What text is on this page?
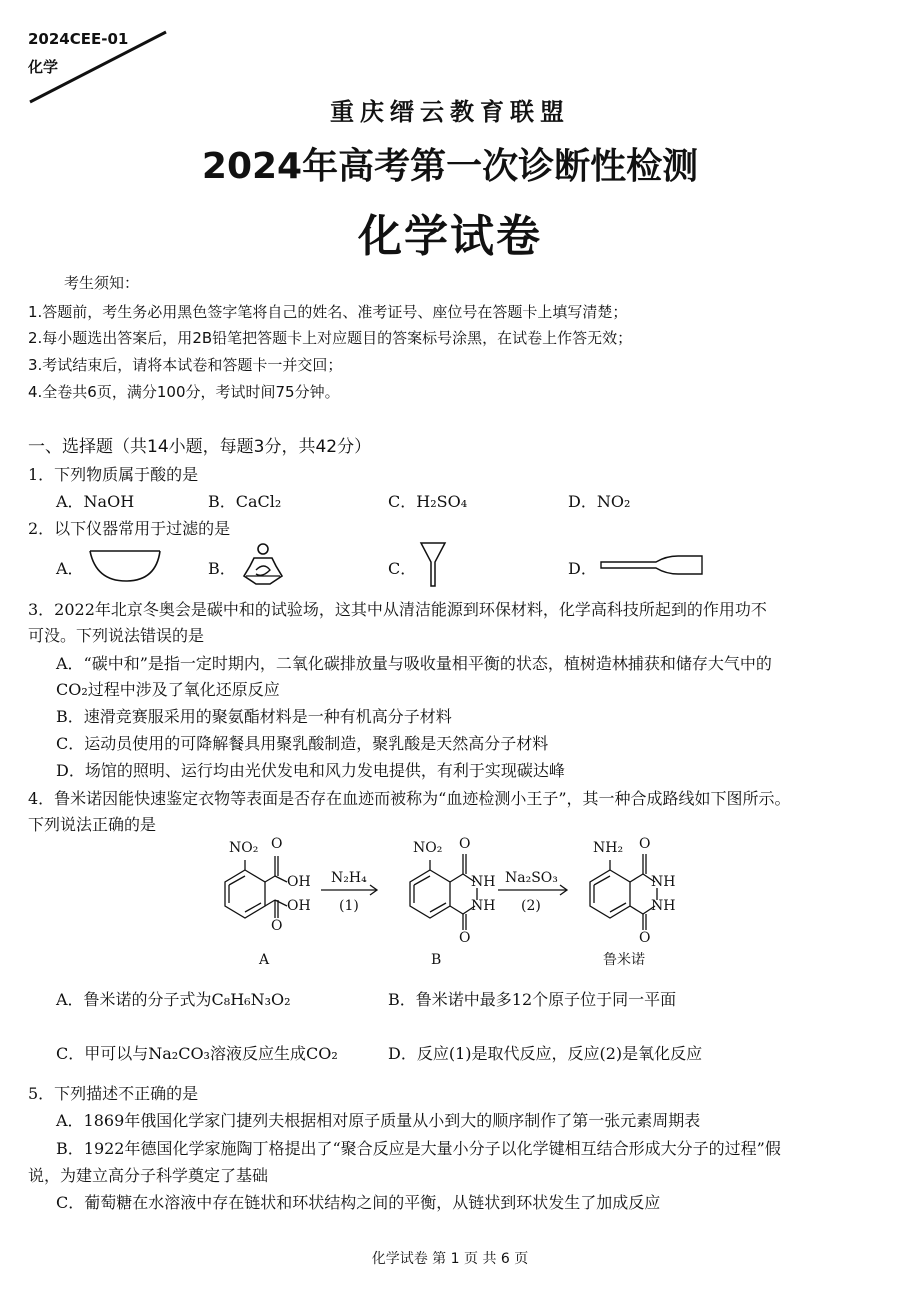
2024CEE-01
化学
重庆缙云教育联盟
2024年高考第一次诊断性检测
化学试卷
考生须知：
1.答题前，考生务必用黑色签字笔将自己的姓名、准考证号、座位号在答题卡上填写清楚；
2.每小题选出答案后，用2B铅笔把答题卡上对应题目的答案标号涂黑，在试卷上作答无效；
3.考试结束后，请将本试卷和答题卡一并交回；
4.全卷共6页，满分100分，考试时间75分钟。
一、选择题（共14小题，每题3分，共42分）
1．下列物质属于酸的是
A．NaOH	B．CaCl₂	C．H₂SO₄	D．NO₂
2．以下仪器常用于过滤的是
A．	B．	C．	D．
3．2022年北京冬奥会是碳中和的试验场，这其中从清洁能源到环保材料，化学高科技所起到的作用功不
可没。下列说法错误的是
A．“碳中和”是指一定时期内，二氧化碳排放量与吸收量相平衡的状态，植树造林捕获和储存大气中的
CO₂过程中涉及了氧化还原反应
B．速滑竞赛服采用的聚氨酯材料是一种有机高分子材料
C．运动员使用的可降解餐具用聚乳酸制造，聚乳酸是天然高分子材料
D．场馆的照明、运行均由光伏发电和风力发电提供，有利于实现碳达峰
4．鲁米诺因能快速鉴定衣物等表面是否存在血迹而被称为“血迹检测小王子”，其一种合成路线如下图所示。
下列说法正确的是
NO₂ O
OH
OH
O
N₂H₄
(1)
NO₂ O
NH
NH
O
Na₂SO₃
(2)
NH₂ O
NH
NH
O
A	B	鲁米诺
A．鲁米诺的分子式为C₈H₆N₃O₂	B．鲁米诺中最多12个原子位于同一平面
C．甲可以与Na₂CO₃溶液反应生成CO₂	D．反应(1)是取代反应，反应(2)是氧化反应
5．下列描述不正确的是
A．1869年俄国化学家门捷列夫根据相对原子质量从小到大的顺序制作了第一张元素周期表
B．1922年德国化学家施陶丁格提出了“聚合反应是大量小分子以化学键相互结合形成大分子的过程”假
说，为建立高分子科学奠定了基础
C．葡萄糖在水溶液中存在链状和环状结构之间的平衡，从链状到环状发生了加成反应
化学试卷 第 1 页 共 6 页
